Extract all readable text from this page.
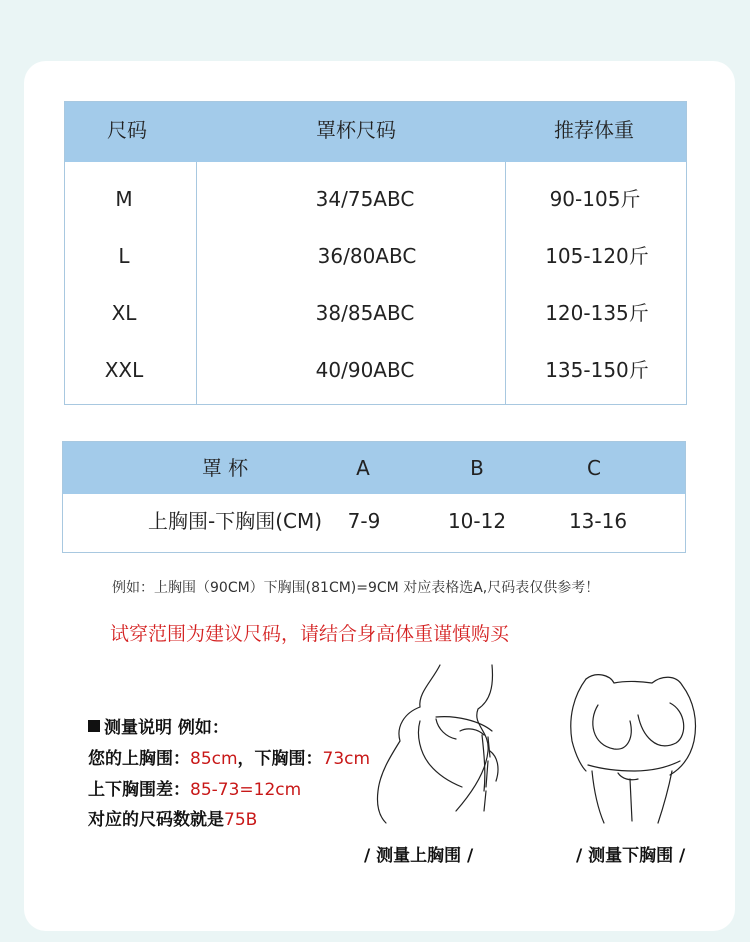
尺码	罩杯尺码	推荐体重
M	34/75ABC	90-105斤
L	36/80ABC	105-120斤
XL	38/85ABC	120-135斤
XXL	40/90ABC	135-150斤
罩 杯	A	B	C
上胸围-下胸围(CM) 7-9	10-12	13-16
例如：上胸围（90CM）下胸围(81CM)=9CM 对应表格选A,尺码表仅供参考！
试穿范围为建议尺码，请结合身高体重谨慎购买
测量说明 例如：
您的上胸围：85cm，下胸围：73cm
上下胸围差：85-73=12cm
对应的尺码数就是75B
/ 测量上胸围 /	/ 测量下胸围 /
